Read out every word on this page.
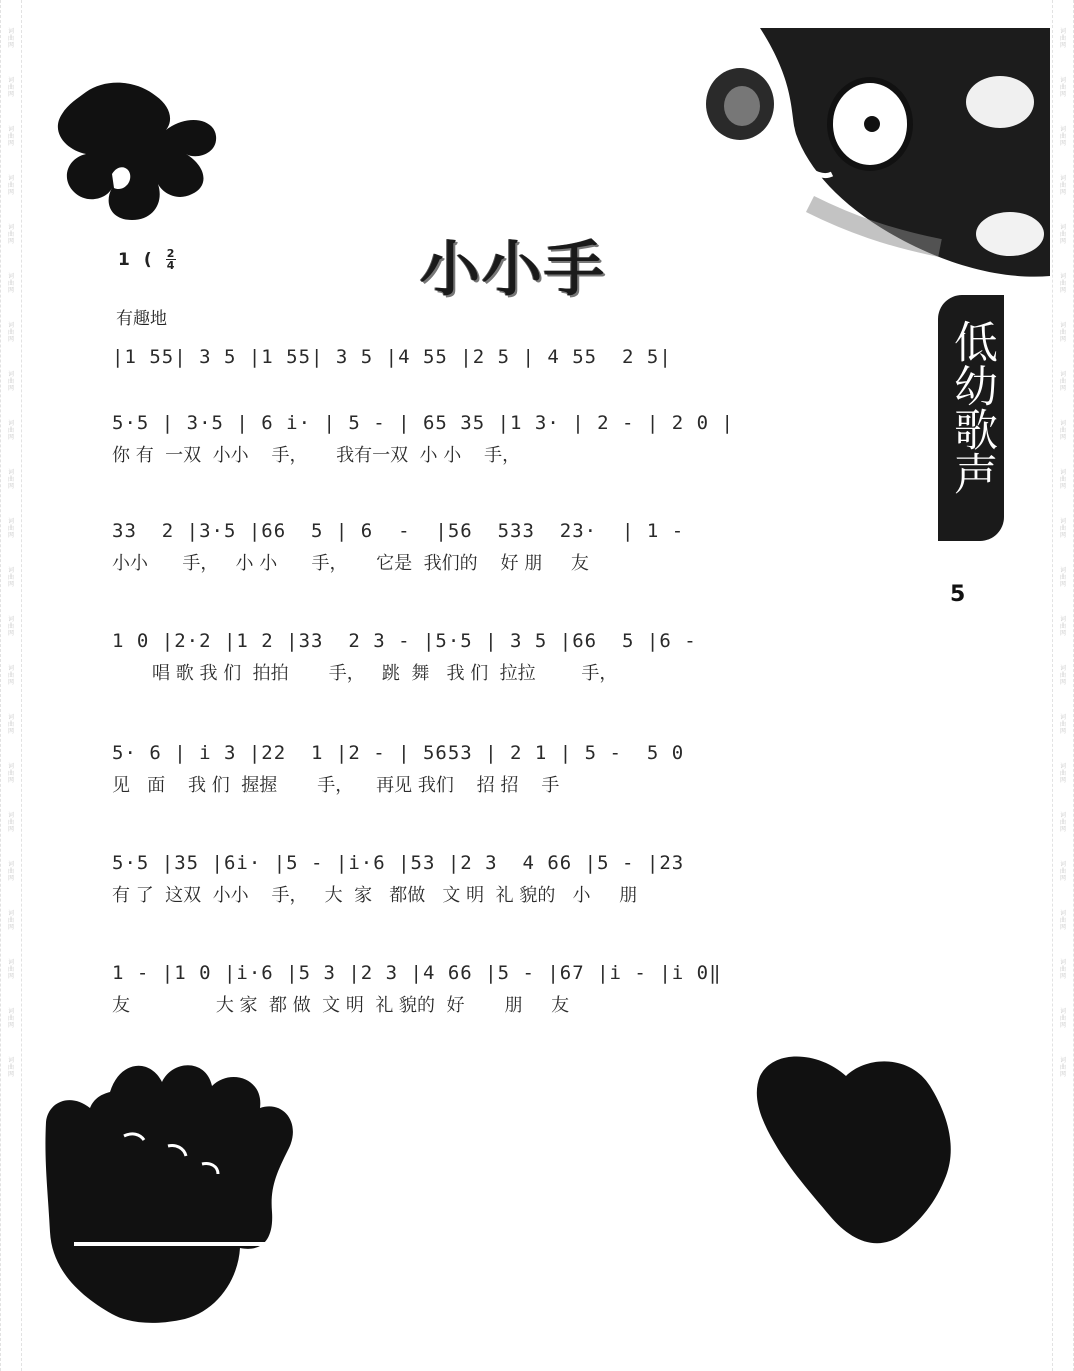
词曲网
词曲网
词曲网
词曲网
词曲网
词曲网
词曲网
词曲网
词曲网
词曲网
词曲网
词曲网
词曲网
词曲网
词曲网
词曲网
词曲网
词曲网
词曲网
词曲网
词曲网
词曲网
词曲网
词曲网
词曲网
词曲网
词曲网
词曲网
词曲网
词曲网
词曲网
词曲网
词曲网
词曲网
词曲网
词曲网
词曲网
词曲网
词曲网
词曲网
词曲网
词曲网
词曲网
词曲网
1 ( 2
4	小小手
低幼歌声
5
有趣地
|1 55| 3 5 |1 55| 3 5 |4 55 |2 5 | 4 55  2 5|
5·5 | 3·5 | 6 i· | 5 - | 65 35 |1 3· | 2 - | 2 0 |
你 有  一双  小小    手，     我有一双  小 小    手，
33  2 |3·5 |66  5 | 6  -  |56  533  23·  | 1 -
小小      手，   小 小      手，     它是  我们的    好 朋     友
1 0 |2·2 |1 2 |33  2 3 - |5·5 | 3 5 |66  5 |6 -
唱 歌 我 们  拍拍       手，   跳  舞   我 们  拉拉        手，
5· 6 | i 3 |22  1 |2 - | 5653 | 2 1 | 5 -  5 0
见   面    我 们  握握       手，    再见 我们    招 招    手
5·5 |35 |6i· |5 - |i·6 |53 |2 3  4 66 |5 - |23
有 了  这双  小小    手，   大  家   都做   文 明  礼 貌的   小     朋
1 - |1 0 |i·6 |5 3 |2 3 |4 66 |5 - |67 |i - |i 0‖
友               大 家  都 做  文 明  礼 貌的  好       朋     友
